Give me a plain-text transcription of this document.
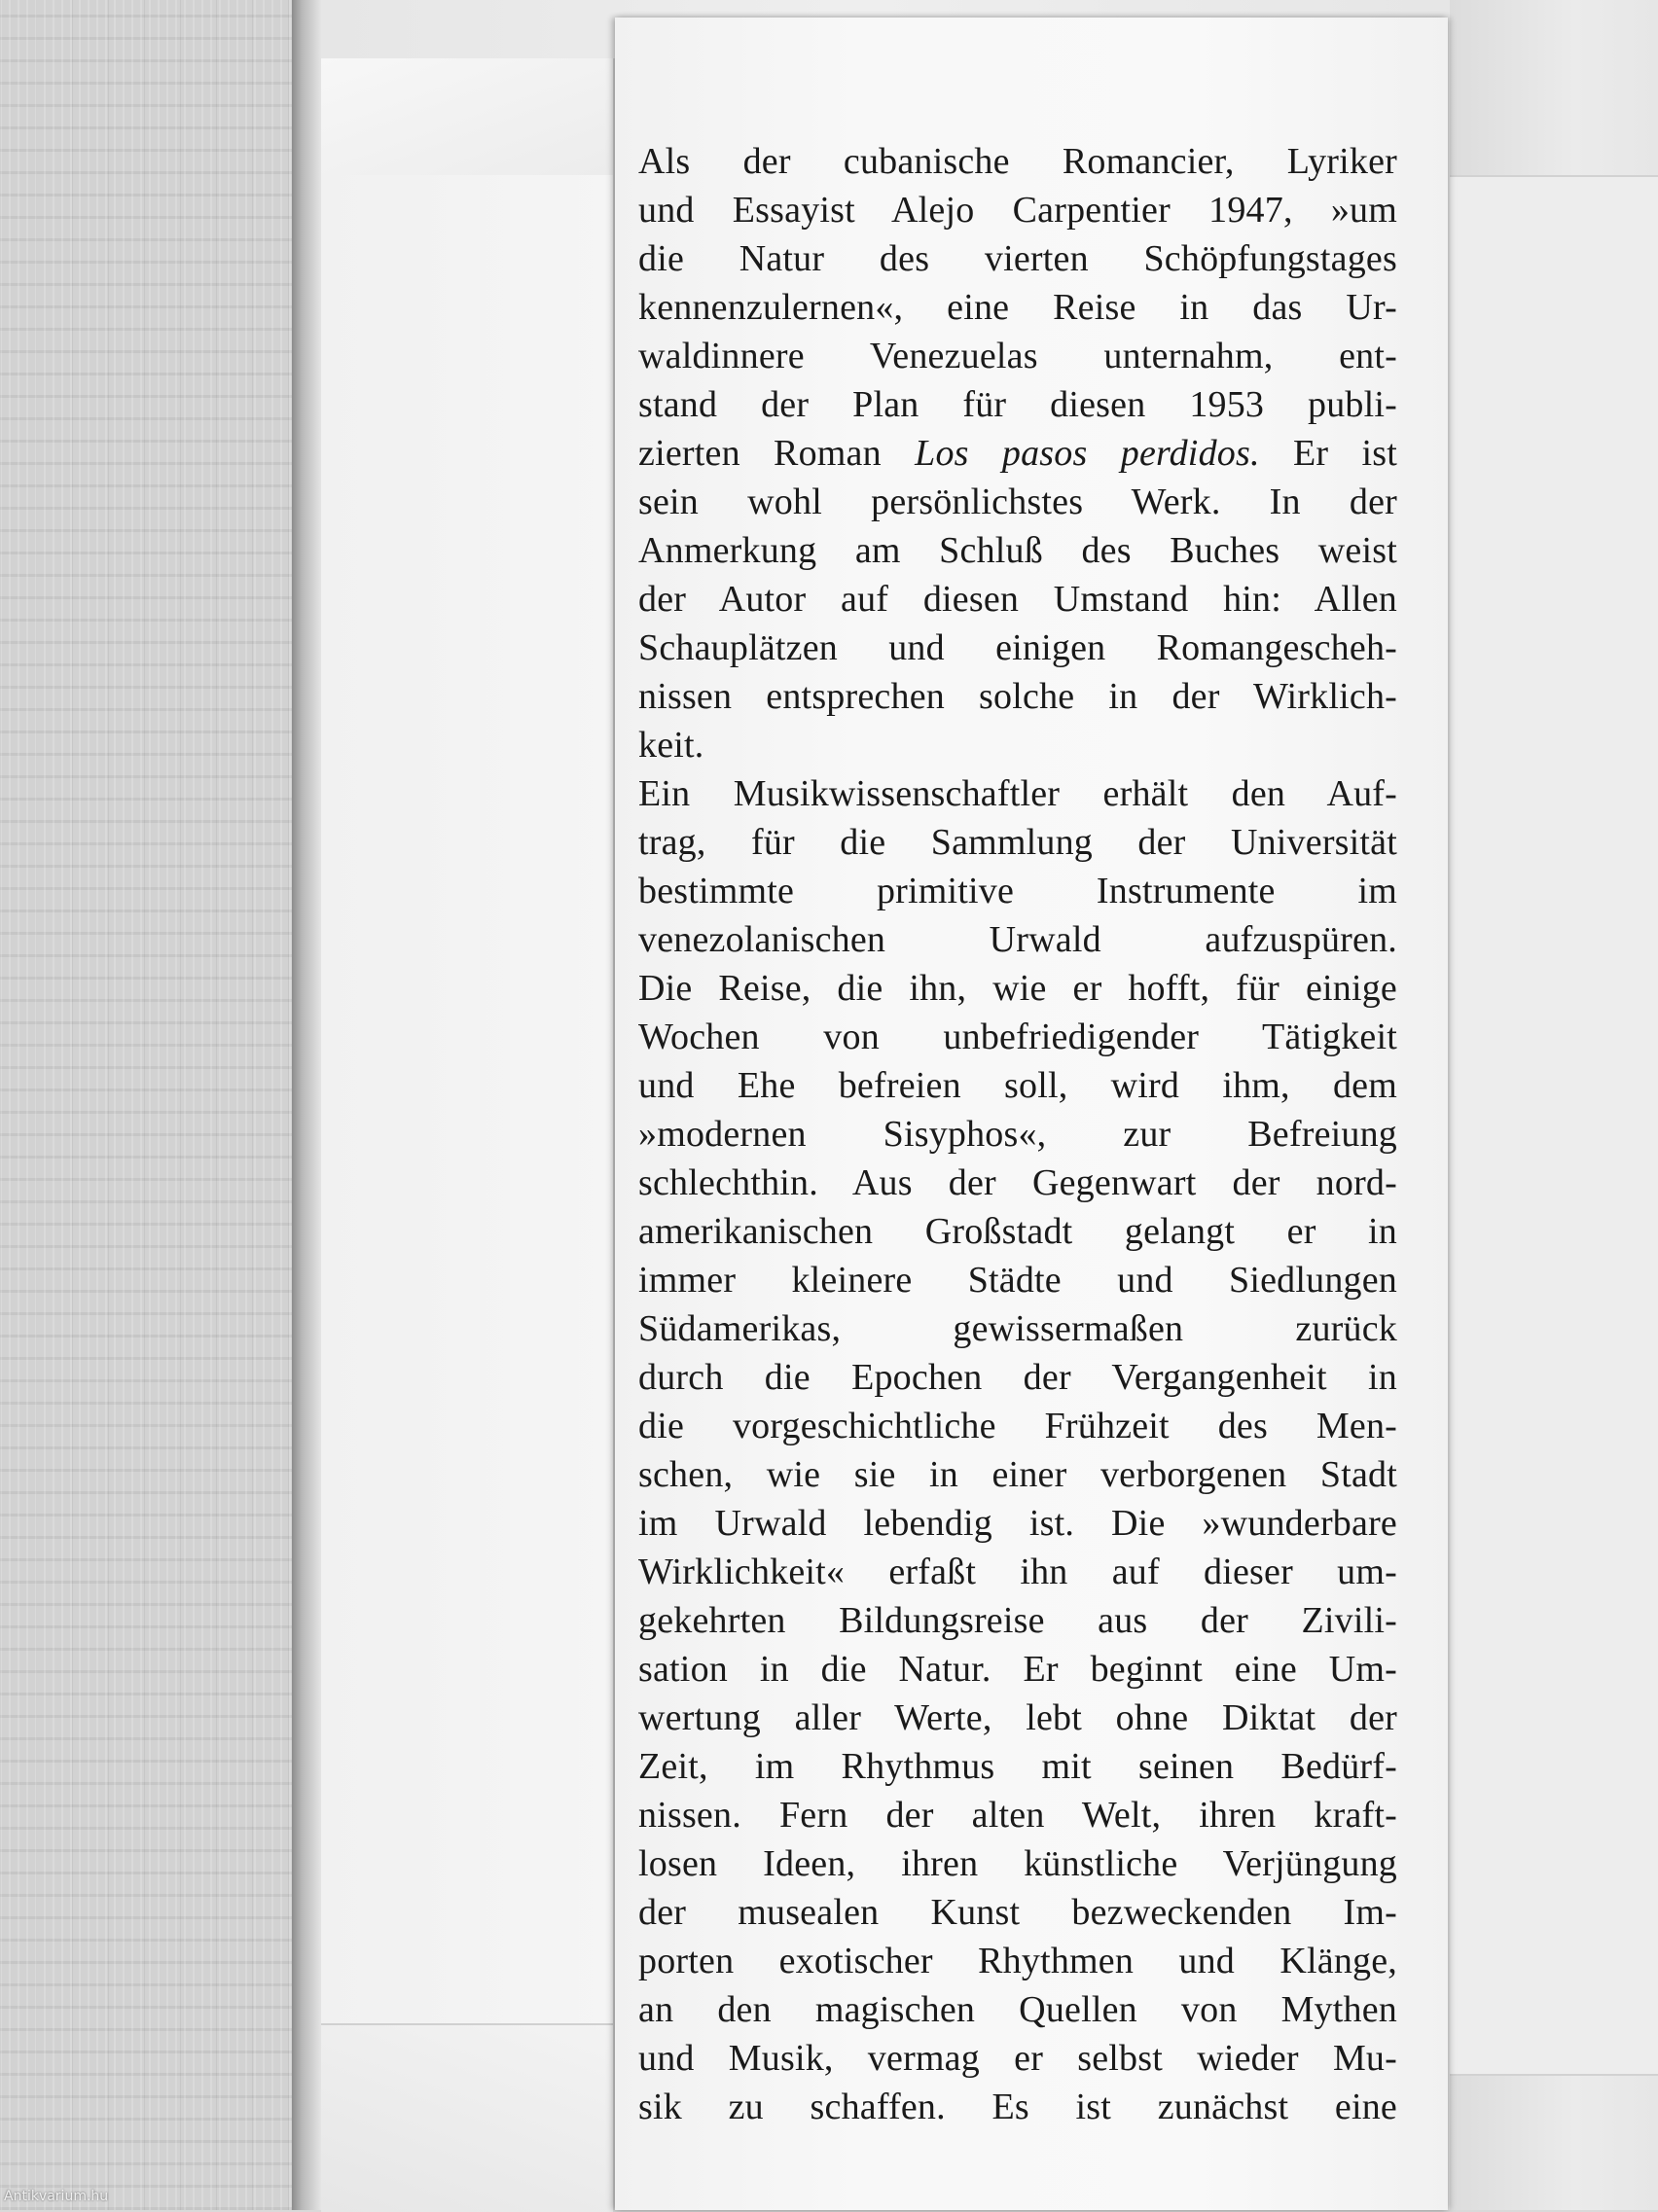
Als der cubanische Romancier, Lyriker
und Essayist Alejo Carpentier 1947, »um
die Natur des vierten Schöpfungstages
kennenzulernen«, eine Reise in das Ur-
waldinnere Venezuelas unternahm, ent-
stand der Plan für diesen 1953 publi-
zierten Roman Los pasos perdidos. Er ist
sein wohl persönlichstes Werk. In der
Anmerkung am Schluß des Buches weist
der Autor auf diesen Umstand hin: Allen
Schauplätzen und einigen Romangescheh-
nissen entsprechen solche in der Wirklich-
keit.
Ein Musikwissenschaftler erhält den Auf-
trag, für die Sammlung der Universität
bestimmte primitive Instrumente im
venezolanischen Urwald aufzuspüren.
Die Reise, die ihn, wie er hofft, für einige
Wochen von unbefriedigender Tätigkeit
und Ehe befreien soll, wird ihm, dem
»modernen Sisyphos«, zur Befreiung
schlechthin. Aus der Gegenwart der nord-
amerikanischen Großstadt gelangt er in
immer kleinere Städte und Siedlungen
Südamerikas, gewissermaßen zurück
durch die Epochen der Vergangenheit in
die vorgeschichtliche Frühzeit des Men-
schen, wie sie in einer verborgenen Stadt
im Urwald lebendig ist. Die »wunderbare
Wirklichkeit« erfaßt ihn auf dieser um-
gekehrten Bildungsreise aus der Zivili-
sation in die Natur. Er beginnt eine Um-
wertung aller Werte, lebt ohne Diktat der
Zeit, im Rhythmus mit seinen Bedürf-
nissen. Fern der alten Welt, ihren kraft-
losen Ideen, ihren künstliche Verjüngung
der musealen Kunst bezweckenden Im-
porten exotischer Rhythmen und Klänge,
an den magischen Quellen von Mythen
und Musik, vermag er selbst wieder Mu-
sik zu schaffen. Es ist zunächst eine
Antikvarium.hu
